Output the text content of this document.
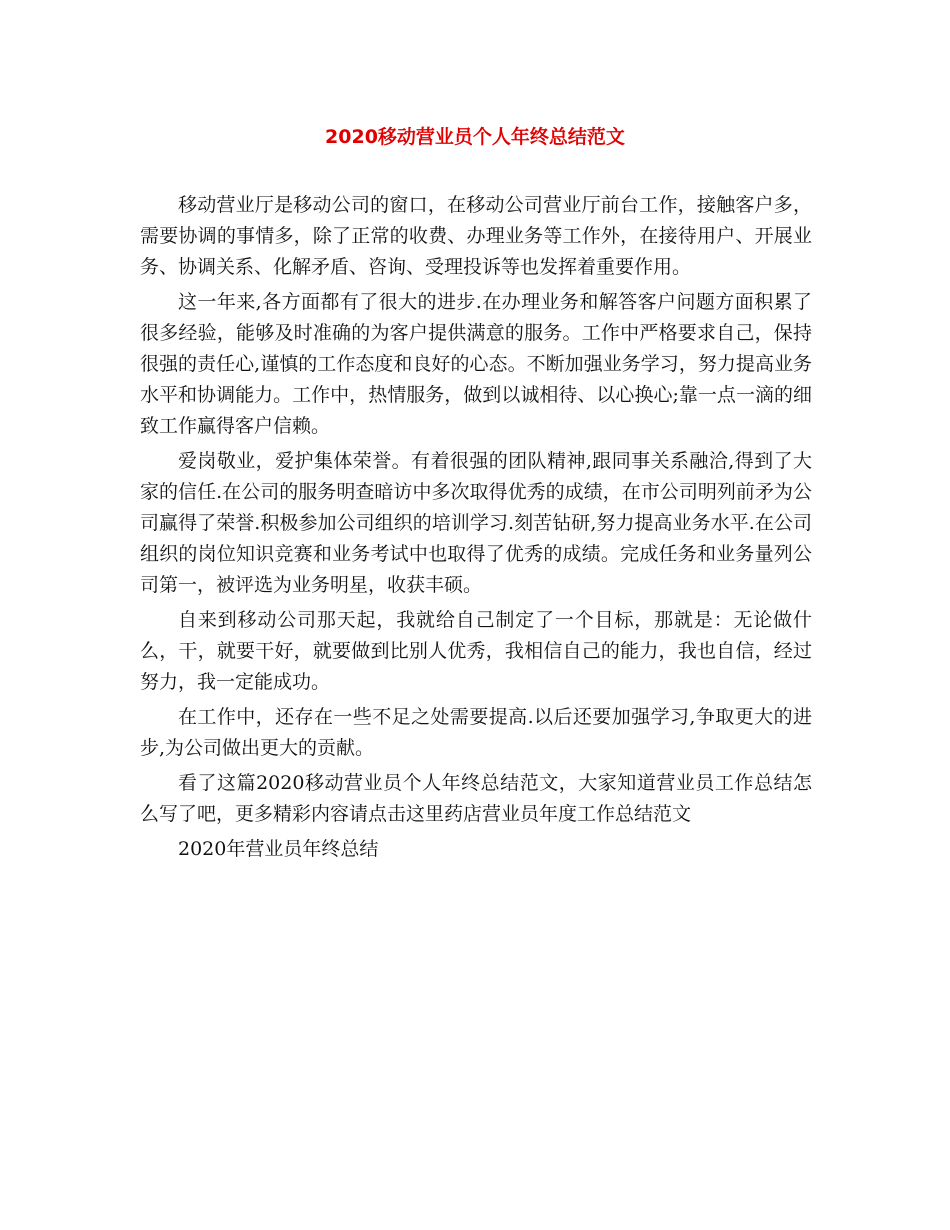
2020移动营业员个人年终总结范文

移动营业厅是移动公司的窗口，在移动公司营业厅前台工作，接触客户多，需要协调的事情多，除了正常的收费、办理业务等工作外，在接待用户、开展业务、协调关系、化解矛盾、咨询、受理投诉等也发挥着重要作用。

这一年来,各方面都有了很大的进步.在办理业务和解答客户问题方面积累了很多经验，能够及时准确的为客户提供满意的服务。工作中严格要求自己，保持很强的责任心,谨慎的工作态度和良好的心态。不断加强业务学习，努力提高业务水平和协调能力。工作中，热情服务，做到以诚相待、以心换心;靠一点一滴的细致工作赢得客户信赖。

爱岗敬业，爱护集体荣誉。有着很强的团队精神,跟同事关系融洽,得到了大家的信任.在公司的服务明查暗访中多次取得优秀的成绩，在市公司明列前矛为公司赢得了荣誉.积极参加公司组织的培训学习.刻苦钻研,努力提高业务水平.在公司组织的岗位知识竞赛和业务考试中也取得了优秀的成绩。完成任务和业务量列公司第一，被评选为业务明星，收获丰硕。

自来到移动公司那天起，我就给自己制定了一个目标，那就是：无论做什么，干，就要干好，就要做到比别人优秀，我相信自己的能力，我也自信，经过努力，我一定能成功。

在工作中，还存在一些不足之处需要提高.以后还要加强学习,争取更大的进步,为公司做出更大的贡献。

看了这篇2020移动营业员个人年终总结范文，大家知道营业员工作总结怎么写了吧，更多精彩内容请点击这里药店营业员年度工作总结范文

2020年营业员年终总结
